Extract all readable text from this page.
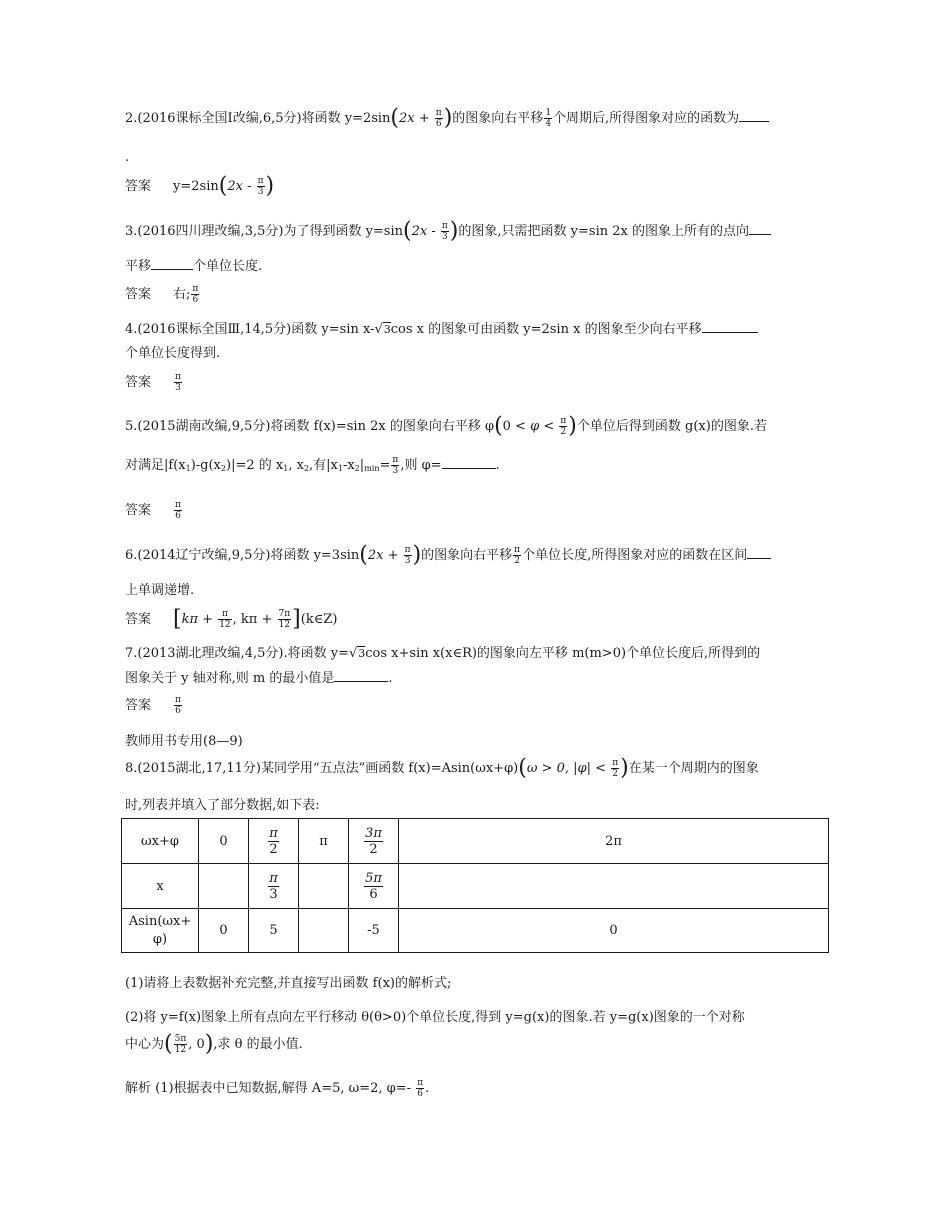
2.(2016课标全国Ⅰ改编,6,5分)将函数 $y=2\sin(2x + \frac{\pi}{6}$ )的图象向右平移 $\frac{1}{4}$ 个周期后,所得图象对应的函数为
.
答案 $y=2\sin(2x - \frac{\pi}{3}$ )
3.(2016四川理改编,3,5分)为了得到函数 $y=\sin(2x - \frac{\pi}{3}$ )的图象,只需把函数 y=sin 2x 的图象上所有的点向
平移	个单位长度.
答案 右; $\frac{\pi}{6}$
4.(2016课标全国Ⅲ,14,5分)函数 y=sin x-√3cos x 的图象可由函数 y=2sin x 的图象至少向右平移
个单位长度得到.
答案	$\frac{\pi}{3}$
5.(2015湖南改编,9,5分)将函数 f(x)=sin 2x 的图象向右平移 $\varphi(0 < \varphi < \frac{\pi}{2}$ )个单位后得到函数 g(x)的图象.若
对满足$|f(x_1)-g(x_2)|=2$ 的 $x_1$, $x_2$,有$|x_1-x_2|_{min}= \frac{\pi}{3}$ ,则 φ=	.
答案	$\frac{\pi}{6}$
6.(2014辽宁改编,9,5分)将函数 $y=3\sin(2x + \frac{\pi}{3}$ )的图象向右平移 $\frac{\pi}{2}$ 个单位长度,所得图象对应的函数在区间
上单调递增.
答案 [$k\pi + \frac{\pi}{12}$ , $k\pi + \frac{7\pi}{12}$ ](k∈Z)
7.(2013湖北理改编,4,5分).将函数 y=√3cos x+sin x(x∈R)的图象向左平移 m(m>0)个单位长度后,所得到的
图象关于 y 轴对称,则 m 的最小值是	.
答案	$\frac{\pi}{6}$
教师用书专用(8—9)
8.(2015湖北,17,11分)某同学用“五点法”画函数 f(x)=Asin(ωx+φ)(ω > 0, $|\varphi| < \frac{\pi}{2}$ )在某一个周期内的图象
时,列表并填入了部分数据,如下表:
ωx+φ	0	$\frac{\pi}{2}$	π	$\frac{3\pi}{2}$	2π
x		$\frac{\pi}{3}$		$\frac{5\pi}{6}$

Asin(ωx+
φ)	0	5		-5	0
(1)请将上表数据补充完整,并直接写出函数 f(x)的解析式;
(2)将 y=f(x)图象上所有点向左平行移动 θ(θ>0)个单位长度,得到 y=g(x)的图象.若 y=g(x)图象的一个对称
中心为( $\frac{5\pi}{12}$ , 0),求 θ 的最小值.
解析 (1)根据表中已知数据,解得 A=5, ω=2, $\varphi=- \frac{\pi}{6}$ .
